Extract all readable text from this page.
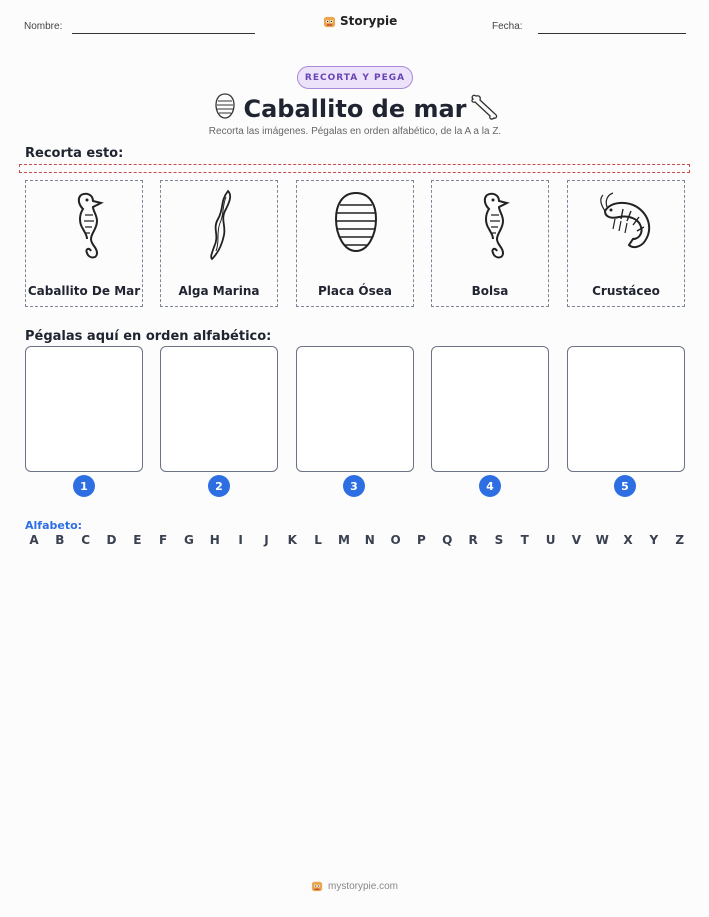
Nombre:	Storypie	Fecha:
RECORTA Y PEGA
Caballito de mar
Recorta las imágenes. Pégalas en orden alfabético, de la A a la Z.
Recorta esto:
Caballito De Mar	Alga Marina	Placa Ósea	Bolsa	Crustáceo
Pégalas aquí en orden alfabético:
1	2	3	4	5
Alfabeto:
A B C D E F G H	I	J	K L M N O P Q R S T U V W X Y Z
mystorypie.com
